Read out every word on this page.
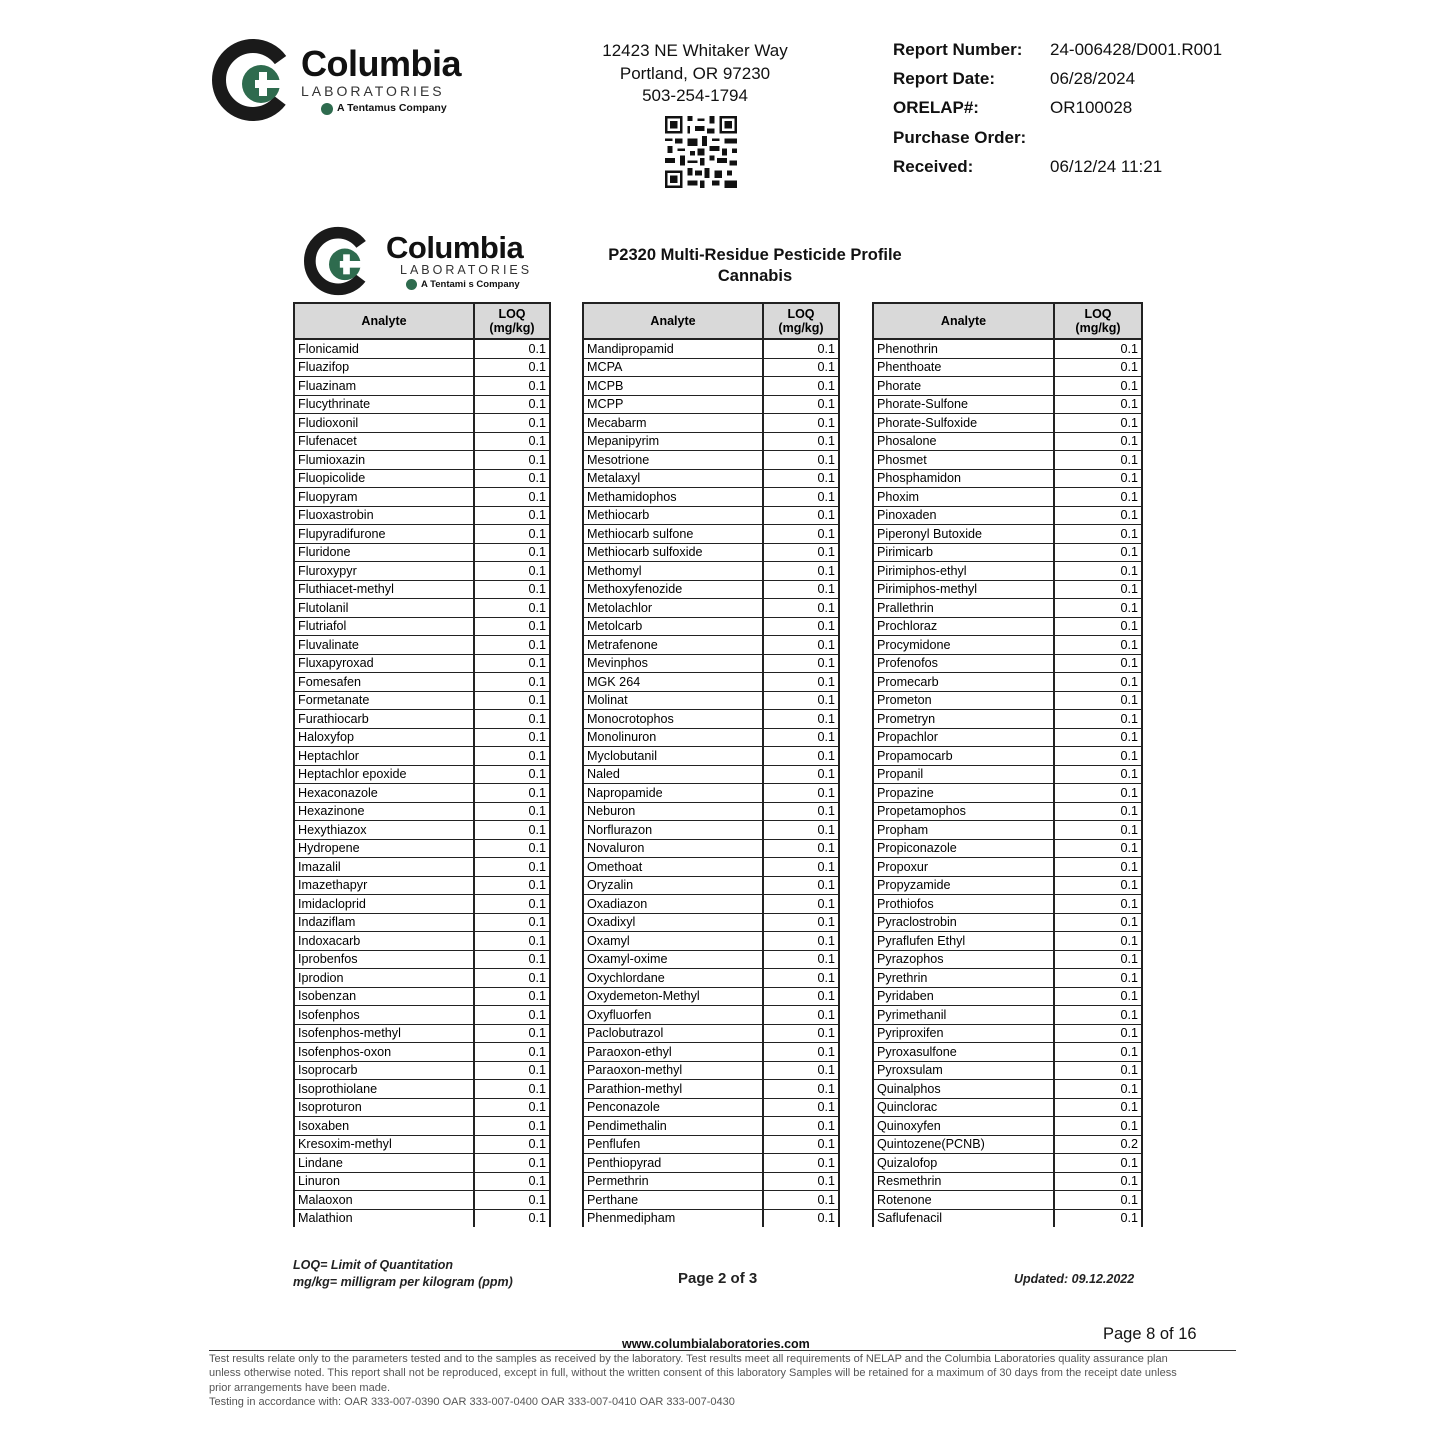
Columbia
LABORATORIES
A Tentamus Company
12423 NE Whitaker Way
Portland, OR 97230
503-254-1794
Report Number: 24-006428/D001.R001
Report Date:	06/28/2024
ORELAP#:	OR100028
Purchase Order:
Received:	06/12/24 11:21
Columbia
LABORATORIES
A Tentami s Company
P2320 Multi-Residue Pesticide Profile
Cannabis
Analyte	LOQ
(mg/kg)
Flonicamid	0.1
Fluazifop	0.1
Fluazinam	0.1
Flucythrinate	0.1
Fludioxonil	0.1
Flufenacet	0.1
Flumioxazin	0.1
Fluopicolide	0.1
Fluopyram	0.1
Fluoxastrobin	0.1
Flupyradifurone	0.1
Fluridone	0.1
Fluroxypyr	0.1
Fluthiacet-methyl	0.1
Flutolanil	0.1
Flutriafol	0.1
Fluvalinate	0.1
Fluxapyroxad	0.1
Fomesafen	0.1
Formetanate	0.1
Furathiocarb	0.1
Haloxyfop	0.1
Heptachlor	0.1
Heptachlor epoxide	0.1
Hexaconazole	0.1
Hexazinone	0.1
Hexythiazox	0.1
Hydropene	0.1
Imazalil	0.1
Imazethapyr	0.1
Imidacloprid	0.1
Indaziflam	0.1
Indoxacarb	0.1
Iprobenfos	0.1
Iprodion	0.1
Isobenzan	0.1
Isofenphos	0.1
Isofenphos-methyl	0.1
Isofenphos-oxon	0.1
Isoprocarb	0.1
Isoprothiolane	0.1
Isoproturon	0.1
Isoxaben	0.1
Kresoxim-methyl	0.1
Lindane	0.1
Linuron	0.1
Malaoxon	0.1
Malathion	0.1
Analyte	LOQ
(mg/kg)
Mandipropamid	0.1
MCPA	0.1
MCPB	0.1
MCPP	0.1
Mecabarm	0.1
Mepanipyrim	0.1
Mesotrione	0.1
Metalaxyl	0.1
Methamidophos	0.1
Methiocarb	0.1
Methiocarb sulfone	0.1
Methiocarb sulfoxide	0.1
Methomyl	0.1
Methoxyfenozide	0.1
Metolachlor	0.1
Metolcarb	0.1
Metrafenone	0.1
Mevinphos	0.1
MGK 264	0.1
Molinat	0.1
Monocrotophos	0.1
Monolinuron	0.1
Myclobutanil	0.1
Naled	0.1
Napropamide	0.1
Neburon	0.1
Norflurazon	0.1
Novaluron	0.1
Omethoat	0.1
Oryzalin	0.1
Oxadiazon	0.1
Oxadixyl	0.1
Oxamyl	0.1
Oxamyl-oxime	0.1
Oxychlordane	0.1
Oxydemeton-Methyl	0.1
Oxyfluorfen	0.1
Paclobutrazol	0.1
Paraoxon-ethyl	0.1
Paraoxon-methyl	0.1
Parathion-methyl	0.1
Penconazole	0.1
Pendimethalin	0.1
Penflufen	0.1
Penthiopyrad	0.1
Permethrin	0.1
Perthane	0.1
Phenmedipham	0.1
Analyte	LOQ
(mg/kg)
Phenothrin	0.1
Phenthoate	0.1
Phorate	0.1
Phorate-Sulfone	0.1
Phorate-Sulfoxide	0.1
Phosalone	0.1
Phosmet	0.1
Phosphamidon	0.1
Phoxim	0.1
Pinoxaden	0.1
Piperonyl Butoxide	0.1
Pirimicarb	0.1
Pirimiphos-ethyl	0.1
Pirimiphos-methyl	0.1
Prallethrin	0.1
Prochloraz	0.1
Procymidone	0.1
Profenofos	0.1
Promecarb	0.1
Prometon	0.1
Prometryn	0.1
Propachlor	0.1
Propamocarb	0.1
Propanil	0.1
Propazine	0.1
Propetamophos	0.1
Propham	0.1
Propiconazole	0.1
Propoxur	0.1
Propyzamide	0.1
Prothiofos	0.1
Pyraclostrobin	0.1
Pyraflufen Ethyl	0.1
Pyrazophos	0.1
Pyrethrin	0.1
Pyridaben	0.1
Pyrimethanil	0.1
Pyriproxifen	0.1
Pyroxasulfone	0.1
Pyroxsulam	0.1
Quinalphos	0.1
Quinclorac	0.1
Quinoxyfen	0.1
Quintozene(PCNB)	0.2
Quizalofop	0.1
Resmethrin	0.1
Rotenone	0.1
Saflufenacil	0.1
LOQ= Limit of Quantitation
mg/kg= milligram per kilogram (ppm)	Page 2 of 3	Updated: 09.12.2022
Page 8 of 16
www.columbialaboratories.com
Test results relate only to the parameters tested and to the samples as received by the laboratory. Test results meet all requirements of NELAP and the Columbia Laboratories quality assurance plan
unless otherwise noted. This report shall not be reproduced, except in full, without the written consent of this laboratory Samples will be retained for a maximum of 30 days from the receipt date unless
prior arrangements have been made.
Testing in accordance with: OAR 333-007-0390 OAR 333-007-0400 OAR 333-007-0410 OAR 333-007-0430
